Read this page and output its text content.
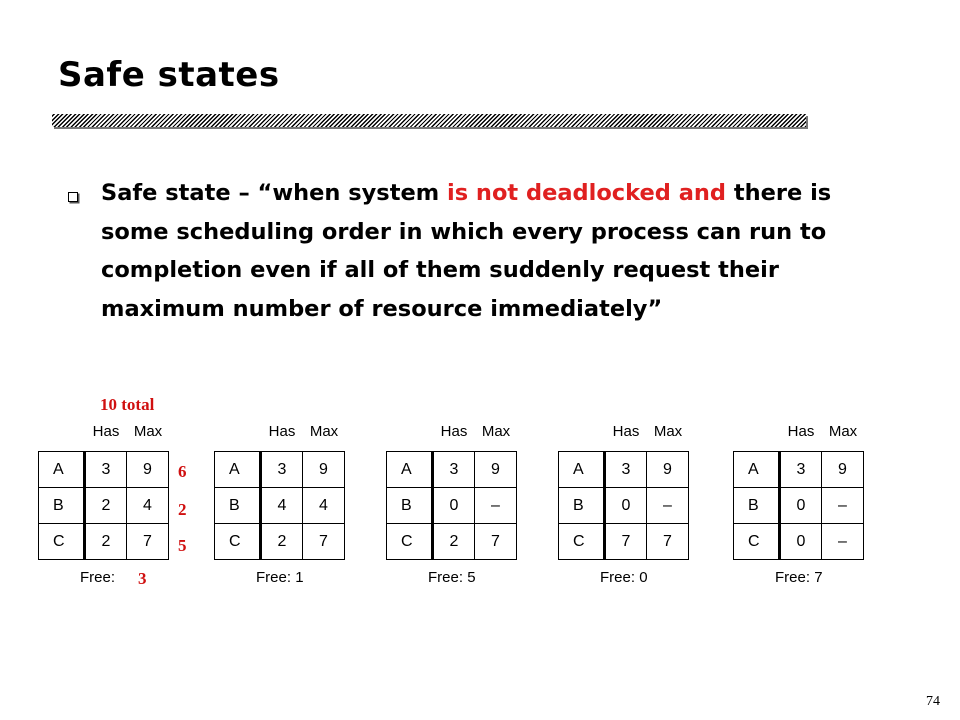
Safe states

Safe state – “when system is not deadlocked and there is some scheduling order in which every process can run to completion even if all of them suddenly request their maximum number of resource immediately”

10 total
6
2
5
3
Has Max
A	3	9
B	2	4
C	2	7
Free:
Has Max
A	3	9
B	4	4
C	2	7
Free: 1
Has Max
A	3	9
B	0	–
C	2	7
Free: 5
Has Max
A	3	9
B	0	–
C	7	7
Free: 0
Has Max
A	3	9
B	0	–
C	0	–
Free: 7
74
